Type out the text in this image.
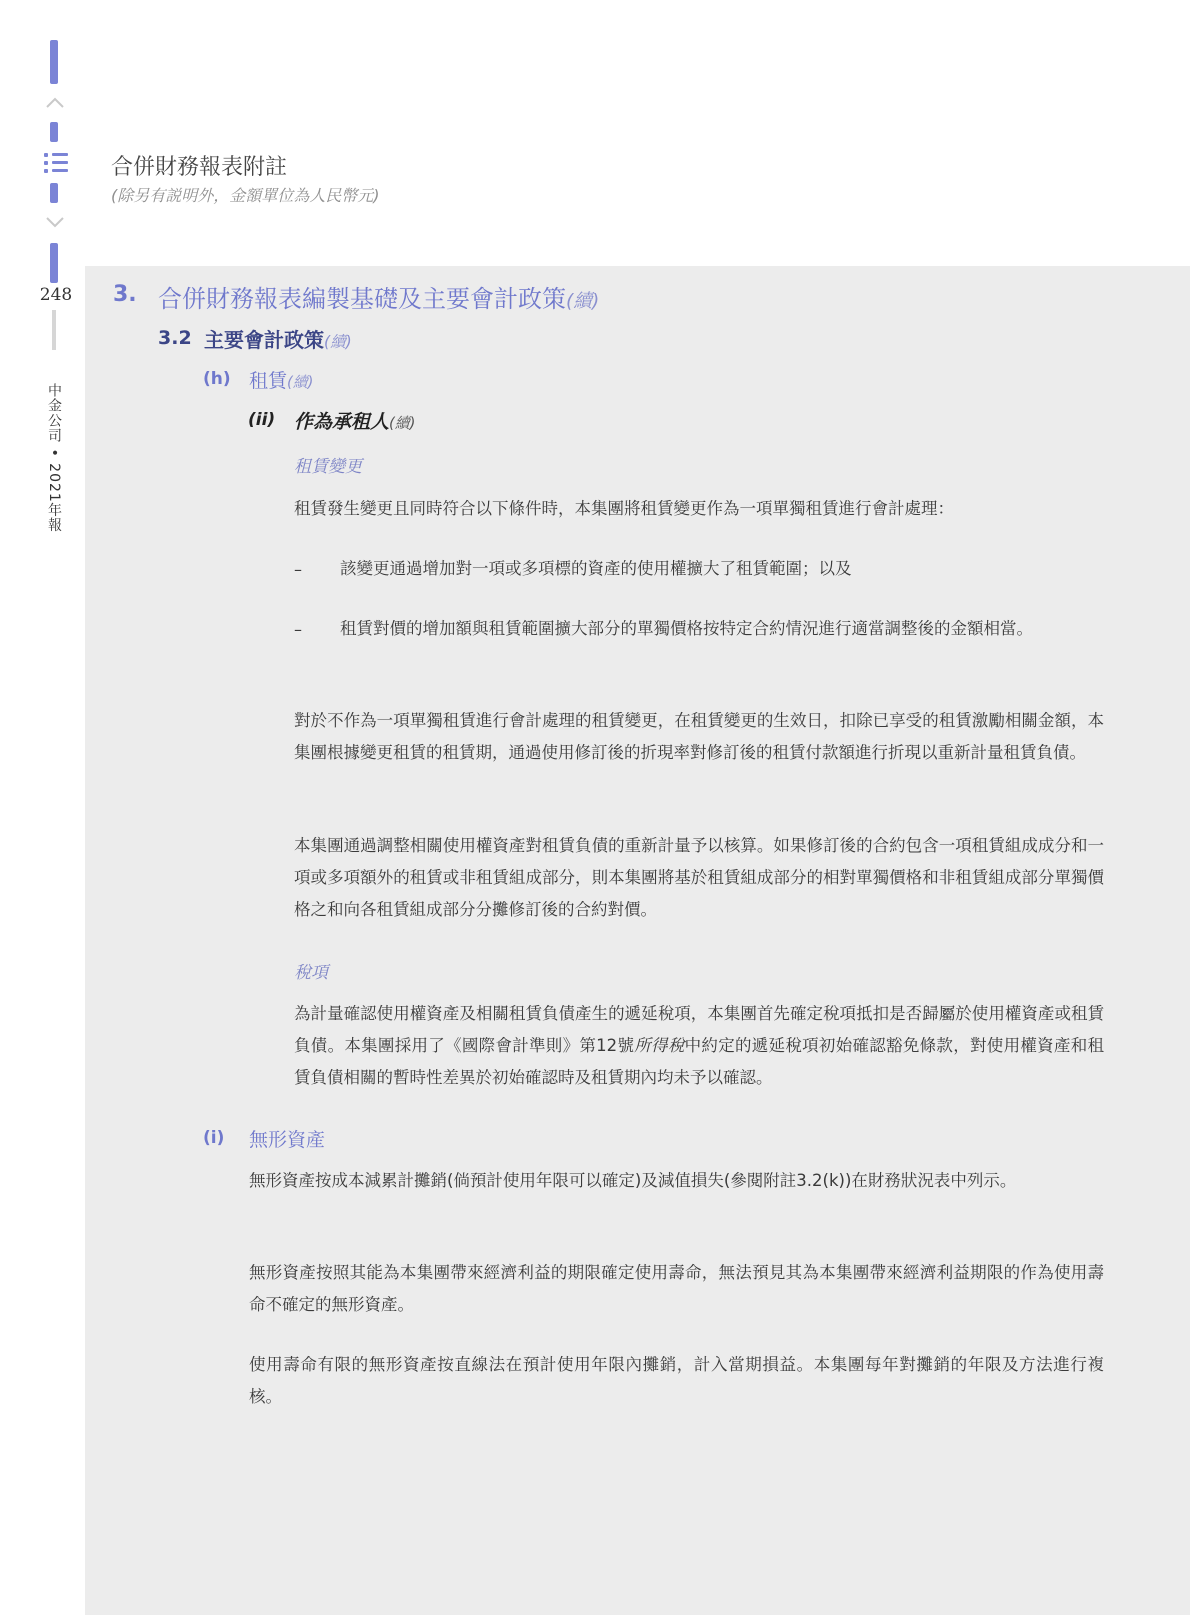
248
中金公司 • 2021年報
合併財務報表附註
(除另有説明外，金額單位為人民幣元)
3. 合併財務報表編製基礎及主要會計政策(續)
3.2 主要會計政策(續)
(h) 租賃(續)
(ii) 作為承租人(續)
租賃變更
租賃發生變更且同時符合以下條件時，本集團將租賃變更作為一項單獨租賃進行會計處理：
– 該變更通過增加對一項或多項標的資產的使用權擴大了租賃範圍；以及
– 租賃對價的增加額與租賃範圍擴大部分的單獨價格按特定合約情況進行適當調整後的金額相當。
對於不作為一項單獨租賃進行會計處理的租賃變更，在租賃變更的生效日，扣除已享受的租賃激勵相關金額，本集團根據變更租賃的租賃期，通過使用修訂後的折現率對修訂後的租賃付款額進行折現以重新計量租賃負債。
本集團通過調整相關使用權資產對租賃負債的重新計量予以核算。如果修訂後的合約包含一項租賃組成成分和一項或多項額外的租賃或非租賃組成部分，則本集團將基於租賃組成部分的相對單獨價格和非租賃組成部分單獨價格之和向各租賃組成部分分攤修訂後的合約對價。
稅項
為計量確認使用權資產及相關租賃負債產生的遞延稅項，本集團首先確定稅項抵扣是否歸屬於使用權資產或租賃負債。本集團採用了《國際會計準則》第12號所得稅中約定的遞延稅項初始確認豁免條款，對使用權資產和租賃負債相關的暫時性差異於初始確認時及租賃期內均未予以確認。
(i) 無形資產
無形資產按成本減累計攤銷(倘預計使用年限可以確定)及減值損失(參閱附註3.2(k))在財務狀況表中列示。
無形資產按照其能為本集團帶來經濟利益的期限確定使用壽命，無法預見其為本集團帶來經濟利益期限的作為使用壽命不確定的無形資產。
使用壽命有限的無形資產按直線法在預計使用年限內攤銷，計入當期損益。本集團每年對攤銷的年限及方法進行複核。
